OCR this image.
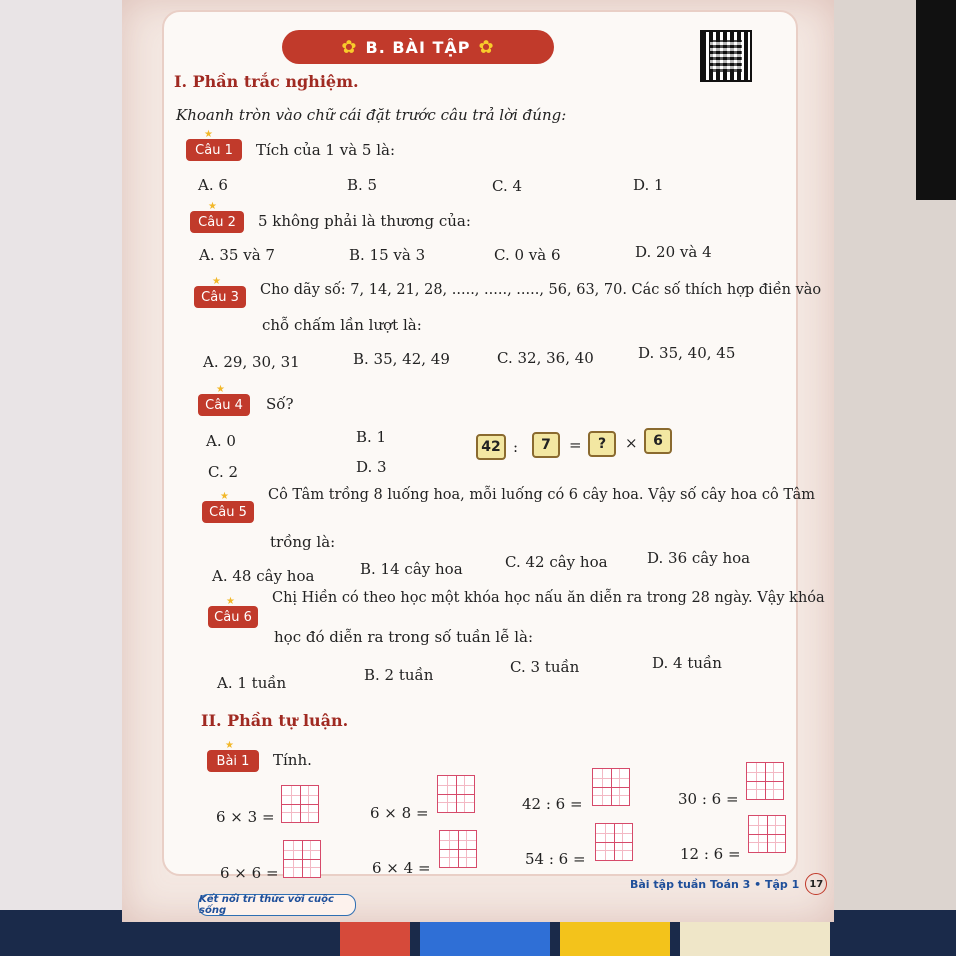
✿ B. BÀI TẬP ✿
I. Phần trắc nghiệm.
Khoanh tròn vào chữ cái đặt trước câu trả lời đúng:
★ Câu 1	Tích của 1 và 5 là:
A. 6	B. 5	C. 4	D. 1
★ Câu 2	5 không phải là thương của:
A. 35 và 7	B. 15 và 3	C. 0 và 6	D. 20 và 4
★ Câu 3	Cho dãy số: 7, 14, 21, 28, ....., ....., ....., 56, 63, 70. Các số thích hợp điền vào
chỗ chấm lần lượt là:
A. 29, 30, 31	B. 35, 42, 49	C. 32, 36, 40	D. 35, 40, 45
★ Câu 4	Số?
A. 0	B. 1
C. 2	D. 3
42 :	7	=	?	×	6
★ Câu 5
Cô Tâm trồng 8 luống hoa, mỗi luống có 6 cây hoa. Vậy số cây hoa cô Tâm
trồng là:
A. 48 cây hoa	B. 14 cây hoa	C. 42 cây hoa	D. 36 cây hoa
★ Câu 6
Chị Hiền có theo học một khóa học nấu ăn diễn ra trong 28 ngày. Vậy khóa
học đó diễn ra trong số tuần lễ là:
A. 1 tuần	B. 2 tuần	C. 3 tuần	D. 4 tuần
II. Phần tự luận.
★ Bài 1	Tính.
6 × 3 =	6 × 8 =	42 : 6 =	30 : 6 =
6 × 6 =	6 × 4 =	54 : 6 =	12 : 6 =
Kết nối tri thức với cuộc sống
Bài tập tuần Toán 3 • Tập 1	17
